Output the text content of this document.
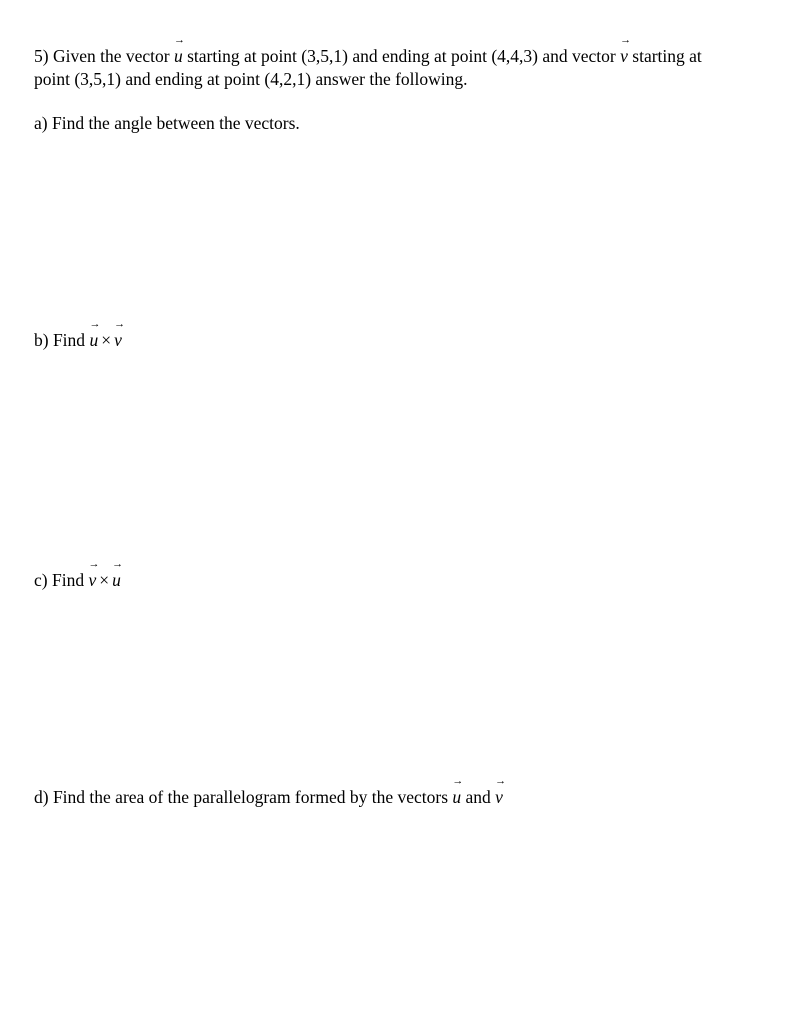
5) Given the vector
→
u starting at point (3,5,1) and ending at point (4,4,3) and vector
→
v starting at
point (3,5,1) and ending at point (4,2,1) answer the following.
a) Find the angle between the vectors.
b) Find
→
u ×
→
v
c) Find
→
v ×
→
u
d) Find the area of the parallelogram formed by the vectors
→
u and
→
v
